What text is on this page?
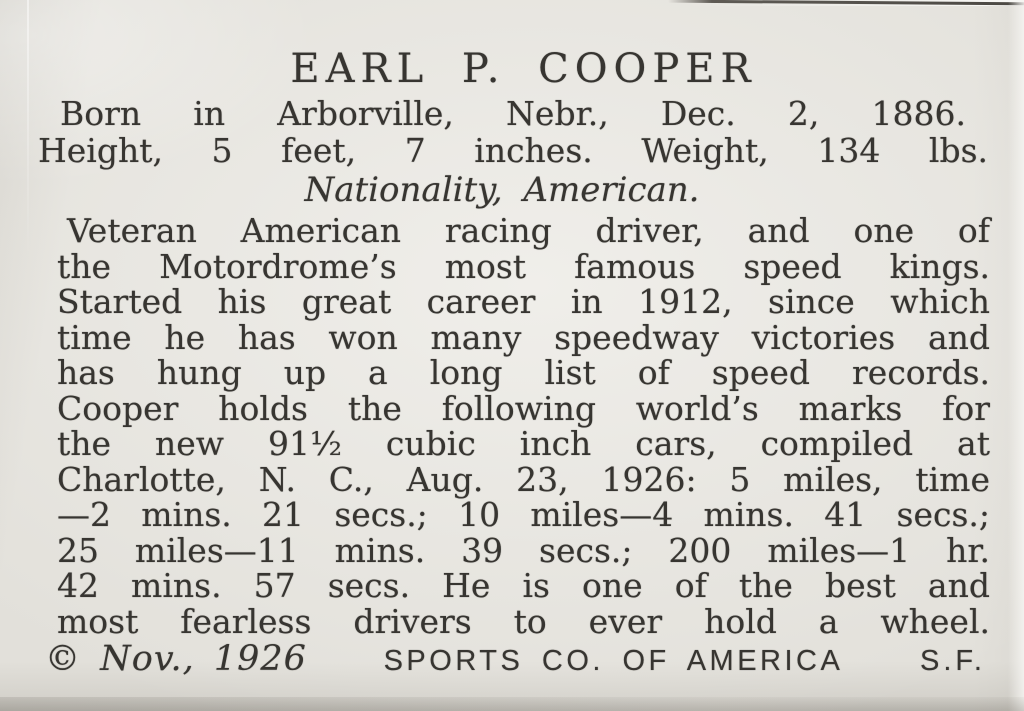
EARL P. COOPER
Born in Arborville, Nebr., Dec. 2, 1886.
Height, 5 feet, 7 inches. Weight, 134 lbs.
Nationality, American.
Veteran American racing driver, and one of
the Motordrome’s most famous speed kings.
Started his great career in 1912, since which
time he has won many speedway victories and
has hung up a long list of speed records.
Cooper holds the following world’s marks for
the new 91½ cubic inch cars, compiled at
Charlotte, N. C., Aug. 23, 1926: 5 miles, time
—2 mins. 21 secs.; 10 miles—4 mins. 41 secs.;
25 miles—11 mins. 39 secs.; 200 miles—1 hr.
42 mins. 57 secs. He is one of the best and
most fearless drivers to ever hold a wheel.
© Nov., 1926	SPORTS CO. OF AMERICA	S.F.
